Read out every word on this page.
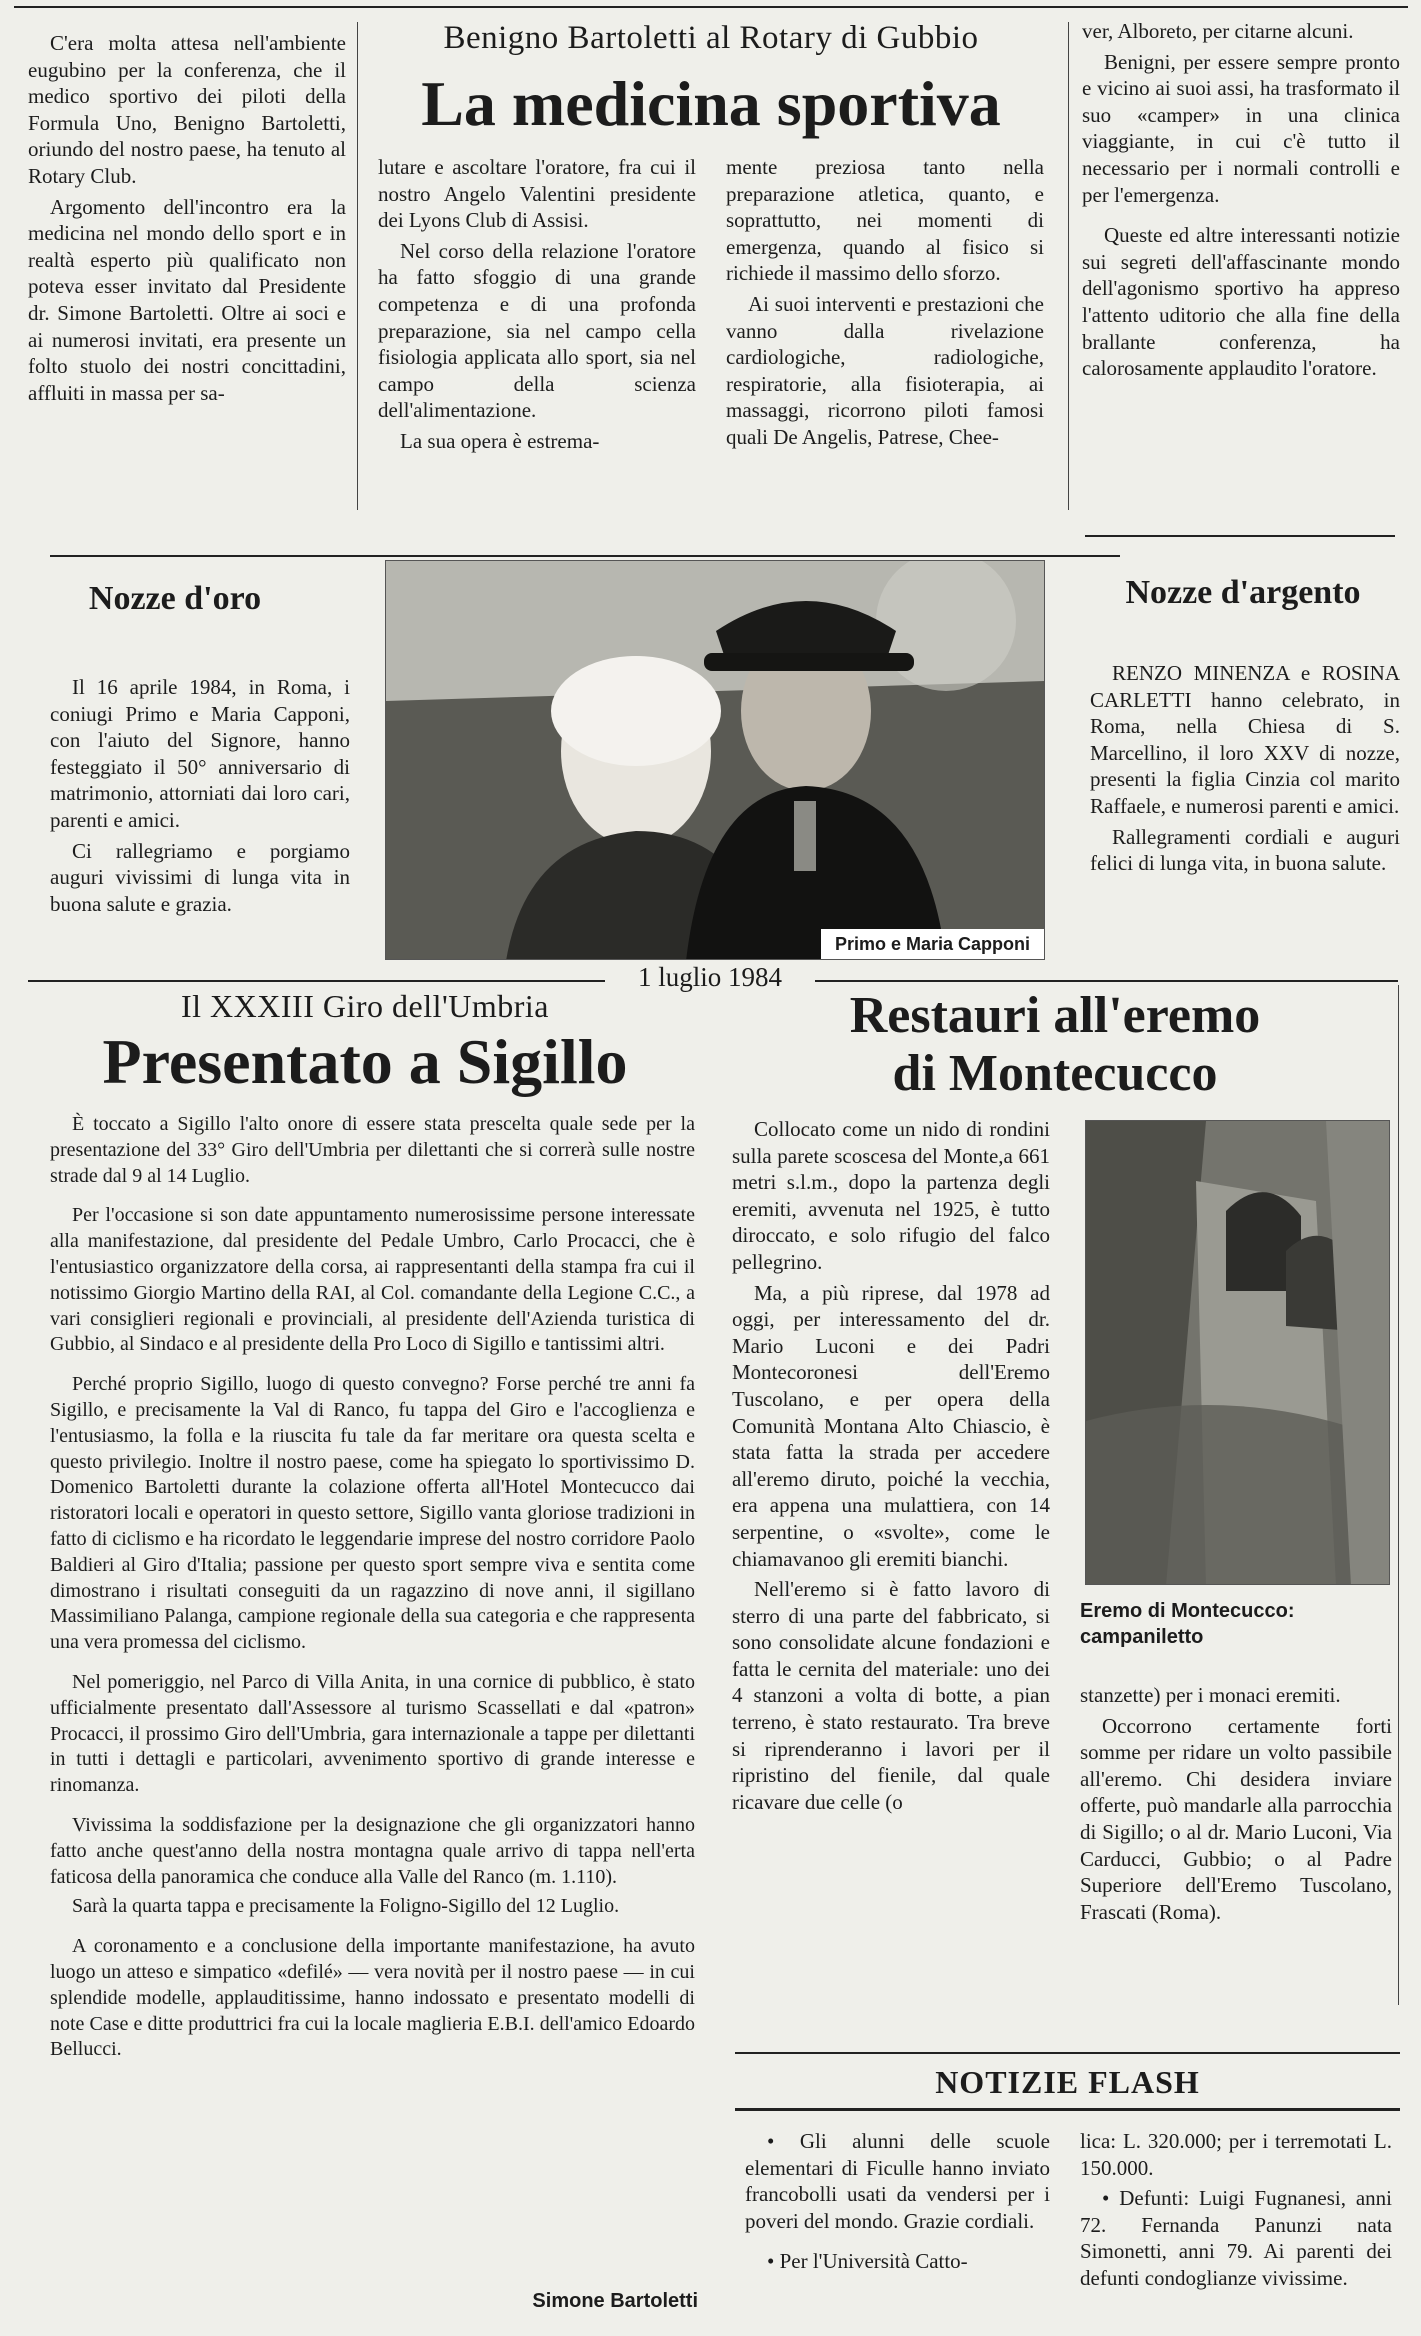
C'era molta attesa nell'ambiente eugubino per la conferenza, che il medico sportivo dei piloti della Formula Uno, Benigno Bartoletti, oriundo del nostro paese, ha tenuto al Rotary Club.

Argomento dell'incontro era la medicina nel mondo dello sport e in realtà esperto più qualificato non poteva esser invitato dal Presidente dr. Simone Bartoletti. Oltre ai soci e ai numerosi invitati, era presente un folto stuolo dei nostri concittadini, affluiti in massa per sa-

Benigno Bartoletti al Rotary di Gubbio
La medicina sportiva

lutare e ascoltare l'oratore, fra cui il nostro Angelo Valentini presidente dei Lyons Club di Assisi.

Nel corso della relazione l'oratore ha fatto sfoggio di una grande competenza e di una profonda preparazione, sia nel campo cella fisiologia applicata allo sport, sia nel campo della scienza dell'alimentazione.

La sua opera è estrema-

mente preziosa tanto nella preparazione atletica, quanto, e soprattutto, nei momenti di emergenza, quando al fisico si richiede il massimo dello sforzo.

Ai suoi interventi e prestazioni che vanno dalla rivelazione cardiologiche, radiologiche, respiratorie, alla fisioterapia, ai massaggi, ricorrono piloti famosi quali De Angelis, Patrese, Chee-

ver, Alboreto, per citarne alcuni.

Benigni, per essere sempre pronto e vicino ai suoi assi, ha trasformato il suo «camper» in una clinica viaggiante, in cui c'è tutto il necessario per i normali controlli e per l'emergenza.

Queste ed altre interessanti notizie sui segreti dell'affascinante mondo dell'agonismo sportivo ha appreso l'attento uditorio che alla fine della brallante conferenza, ha calorosamente applaudito l'oratore.

Nozze d'oro

Il 16 aprile 1984, in Roma, i coniugi Primo e Maria Capponi, con l'aiuto del Signore, hanno festeggiato il 50° anniversario di matrimonio, attorniati dai loro cari, parenti e amici.

Ci rallegriamo e porgiamo auguri vivissimi di lunga vita in buona salute e grazia.

Primo e Maria Capponi
Nozze d'argento

RENZO MINENZA e ROSINA CARLETTI hanno celebrato, in Roma, nella Chiesa di S. Marcellino, il loro XXV di nozze, presenti la figlia Cinzia col marito Raffaele, e numerosi parenti e amici.

Rallegramenti cordiali e auguri felici di lunga vita, in buona salute.

1 luglio 1984
Il XXXIII Giro dell'Umbria
Presentato a Sigillo

È toccato a Sigillo l'alto onore di essere stata prescelta quale sede per la presentazione del 33° Giro dell'Umbria per dilettanti che si correrà sulle nostre strade dal 9 al 14 Luglio.

Per l'occasione si son date appuntamento numerosissime persone interessate alla manifestazione, dal presidente del Pedale Umbro, Carlo Procacci, che è l'entusiastico organizzatore della corsa, ai rappresentanti della stampa fra cui il notissimo Giorgio Martino della RAI, al Col. comandante della Legione C.C., a vari consiglieri regionali e provinciali, al presidente dell'Azienda turistica di Gubbio, al Sindaco e al presidente della Pro Loco di Sigillo e tantissimi altri.

Perché proprio Sigillo, luogo di questo convegno? Forse perché tre anni fa Sigillo, e precisamente la Val di Ranco, fu tappa del Giro e l'accoglienza e l'entusiasmo, la folla e la riuscita fu tale da far meritare ora questa scelta e questo privilegio. Inoltre il nostro paese, come ha spiegato lo sportivissimo D. Domenico Bartoletti durante la colazione offerta all'Hotel Montecucco dai ristoratori locali e operatori in questo settore, Sigillo vanta gloriose tradizioni in fatto di ciclismo e ha ricordato le leggendarie imprese del nostro corridore Paolo Baldieri al Giro d'Italia; passione per questo sport sempre viva e sentita come dimostrano i risultati conseguiti da un ragazzino di nove anni, il sigillano Massimiliano Palanga, campione regionale della sua categoria e che rappresenta una vera promessa del ciclismo.

Nel pomeriggio, nel Parco di Villa Anita, in una cornice di pubblico, è stato ufficialmente presentato dall'Assessore al turismo Scassellati e dal «patron» Procacci, il prossimo Giro dell'Umbria, gara internazionale a tappe per dilettanti in tutti i dettagli e particolari, avvenimento sportivo di grande interesse e rinomanza.

Vivissima la soddisfazione per la designazione che gli organizzatori hanno fatto anche quest'anno della nostra montagna quale arrivo di tappa nell'erta faticosa della panoramica che conduce alla Valle del Ranco (m. 1.110).

Sarà la quarta tappa e precisamente la Foligno-Sigillo del 12 Luglio.

A coronamento e a conclusione della importante manifestazione, ha avuto luogo un atteso e simpatico «defilé» — vera novità per il nostro paese — in cui splendide modelle, applauditissime, hanno indossato e presentato modelli di note Case e ditte produttrici fra cui la locale maglieria E.B.I. dell'amico Edoardo Bellucci.

Simone Bartoletti
Restauri all'eremo
di Montecucco

Collocato come un nido di rondini sulla parete scoscesa del Monte,a 661 metri s.l.m., dopo la partenza degli eremiti, avvenuta nel 1925, è tutto diroccato, e solo rifugio del falco pellegrino.

Ma, a più riprese, dal 1978 ad oggi, per interessamento del dr. Mario Luconi e dei Padri Montecoronesi dell'Eremo Tuscolano, e per opera della Comunità Montana Alto Chiascio, è stata fatta la strada per accedere all'eremo diruto, poiché la vecchia, era appena una mulattiera, con 14 serpentine, o «svolte», come le chiamavanoo gli eremiti bianchi.

Nell'eremo si è fatto lavoro di sterro di una parte del fabbricato, si sono consolidate alcune fondazioni e fatta le cernita del materiale: uno dei 4 stanzoni a volta di botte, a pian terreno, è stato restaurato. Tra breve si riprenderanno i lavori per il ripristino del fienile, dal quale ricavare due celle (o

Eremo di Montecucco: campaniletto

stanzette) per i monaci eremiti.

Occorrono certamente forti somme per ridare un volto passibile all'eremo. Chi desidera inviare offerte, può mandarle alla parrocchia di Sigillo; o al dr. Mario Luconi, Via Carducci, Gubbio; o al Padre Superiore dell'Eremo Tuscolano, Frascati (Roma).

NOTIZIE FLASH

• Gli alunni delle scuole elementari di Ficulle hanno inviato francobolli usati da vendersi per i poveri del mondo. Grazie cordiali.

• Per l'Università Catto-

lica: L. 320.000; per i terremotati L. 150.000.

• Defunti: Luigi Fugnanesi, anni 72. Fernanda Panunzi nata Simonetti, anni 79. Ai parenti dei defunti condoglianze vivissime.
